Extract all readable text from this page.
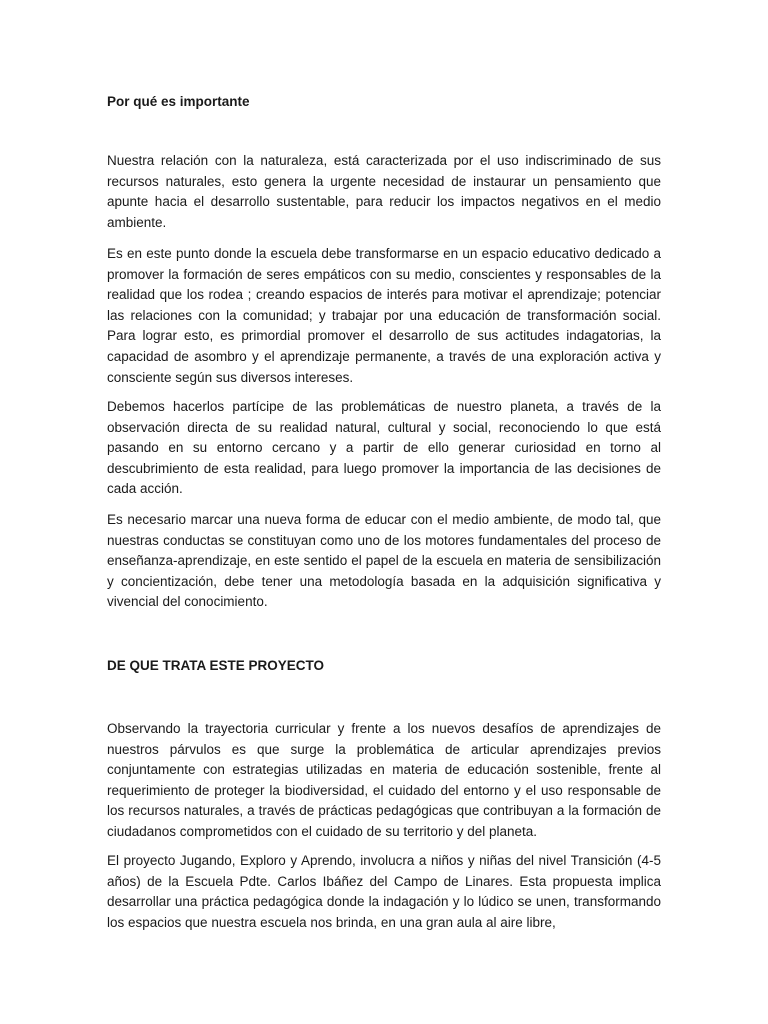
Por qué es importante

Nuestra relación con la naturaleza, está caracterizada por el uso indiscriminado de sus recursos naturales, esto genera la urgente necesidad de instaurar un pensamiento que apunte hacia el desarrollo sustentable, para reducir los impactos negativos en el medio ambiente.

Es en este punto donde la escuela debe transformarse en un espacio educativo dedicado a promover la formación de seres empáticos con su medio, conscientes y responsables de la realidad que los rodea ; creando espacios de interés para motivar el aprendizaje; potenciar las relaciones con la comunidad; y trabajar por una educación de transformación social. Para lograr esto, es primordial promover el desarrollo de sus actitudes indagatorias, la capacidad de asombro y el aprendizaje permanente, a través de una exploración activa y consciente según sus diversos intereses.

Debemos hacerlos partícipe de las problemáticas de nuestro planeta, a través de la observación directa de su realidad natural, cultural y social, reconociendo lo que está pasando en su entorno cercano y a partir de ello generar curiosidad en torno al descubrimiento de esta realidad, para luego promover la importancia de las decisiones de cada acción.

Es necesario marcar una nueva forma de educar con el medio ambiente, de modo tal, que nuestras conductas se constituyan como uno de los motores fundamentales del proceso de enseñanza-aprendizaje, en este sentido el papel de la escuela en materia de sensibilización y concientización, debe tener una metodología basada en la adquisición significativa y vivencial del conocimiento.

DE QUE TRATA ESTE PROYECTO

Observando la trayectoria curricular y frente a los nuevos desafíos de aprendizajes de nuestros párvulos es que surge la problemática de articular aprendizajes previos conjuntamente con estrategias utilizadas en materia de educación sostenible, frente al requerimiento de proteger la biodiversidad, el cuidado del entorno y el uso responsable de los recursos naturales, a través de prácticas pedagógicas que contribuyan a la formación de ciudadanos comprometidos con el cuidado de su territorio y del planeta.

El proyecto Jugando, Exploro y Aprendo, involucra a niños y niñas del nivel Transición (4-5 años) de la Escuela Pdte. Carlos Ibáñez del Campo de Linares. Esta propuesta implica desarrollar una práctica pedagógica donde la indagación y lo lúdico se unen, transformando los espacios que nuestra escuela nos brinda, en una gran aula al aire libre,
